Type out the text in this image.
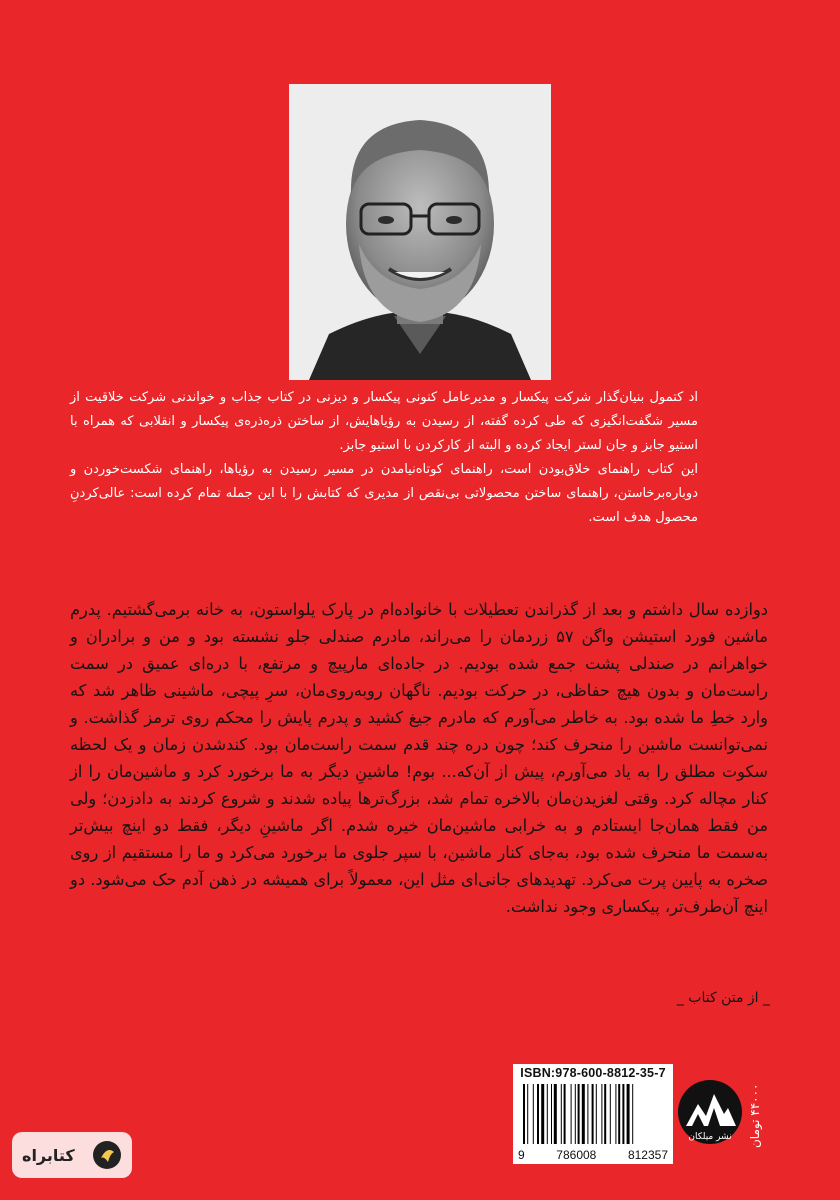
اد کتمول بنیان‌گذار شرکت پیکسار و مدیرعامل کنونی پیکسار و دیزنی در کتاب جذاب و خواندنی شرکت خلاقیت از مسیر شگفت‌انگیزی که طی کرده گفته، از رسیدن به رؤیاهایش، از ساختن ذره‌ذره‌ی پیکسار و انقلابی که همراه با استیو جابز و جان لستر ایجاد کرده و البته از کارکردن با استیو جابز.

این کتاب راهنمای خلاق‌بودن است، راهنمای کوتاه‌نیامدن در مسیر رسیدن به رؤیاها، راهنمای شکست‌خوردن و دوباره‌برخاستن، راهنمای ساختن محصولاتی بی‌نقص از مدیری که کتابش را با این جمله تمام کرده است: عالی‌کردنِ محصول هدف است.

دوازده سال داشتم و بعد از گذراندن تعطیلات با خانواده‌ام در پارک یلواستون، به خانه برمی‌گشتیم. پدرم ماشین فورد استیشن واگن ۵۷ زردمان را می‌راند، مادرم صندلی جلو نشسته بود و من و برادران و خواهرانم در صندلی پشت جمع شده بودیم. در جاده‌ای مارپیچ و مرتفع، با دره‌ای عمیق در سمت راست‌مان و بدون هیچ حفاظی، در حرکت بودیم. ناگهان روبه‌روی‌مان، سرِ پیچی، ماشینی ظاهر شد که وارد خطِ ما شده بود. به خاطر می‌آورم که مادرم جیغ کشید و پدرم پایش را محکم روی ترمز گذاشت. و نمی‌توانست ماشین را منحرف کند؛ چون دره چند قدم سمت راست‌مان بود. کندشدن زمان و یک لحظه سکوت مطلق را به یاد می‌آورم، پیش از آن‌که... بوم! ماشینِ دیگر به ما برخورد کرد و ماشین‌مان را از کنار مچاله کرد. وقتی لغزیدن‌مان بالاخره تمام شد، بزرگ‌ترها پیاده شدند و شروع کردند به دادزدن؛ ولی من فقط همان‌جا ایستادم و به خرابی ماشین‌مان خیره شدم. اگر ماشینِ دیگر، فقط دو اینچ بیش‌تر به‌سمت ما منحرف شده بود، به‌جای کنار ماشین، با سپر جلوی ما برخورد می‌کرد و ما را مستقیم از روی صخره به پایین پرت می‌کرد. تهدیدهای جانی‌ای مثل این، معمولاً برای همیشه در ذهن آدم حک می‌شود. دو اینچ آن‌طرف‌تر، پیکساری وجود نداشت.
_ از متن کتاب _
ISBN:978-600-8812-35-7
9	786008	812357
نشر میلکان	۴۴۰۰۰ تومان
کتابراه
